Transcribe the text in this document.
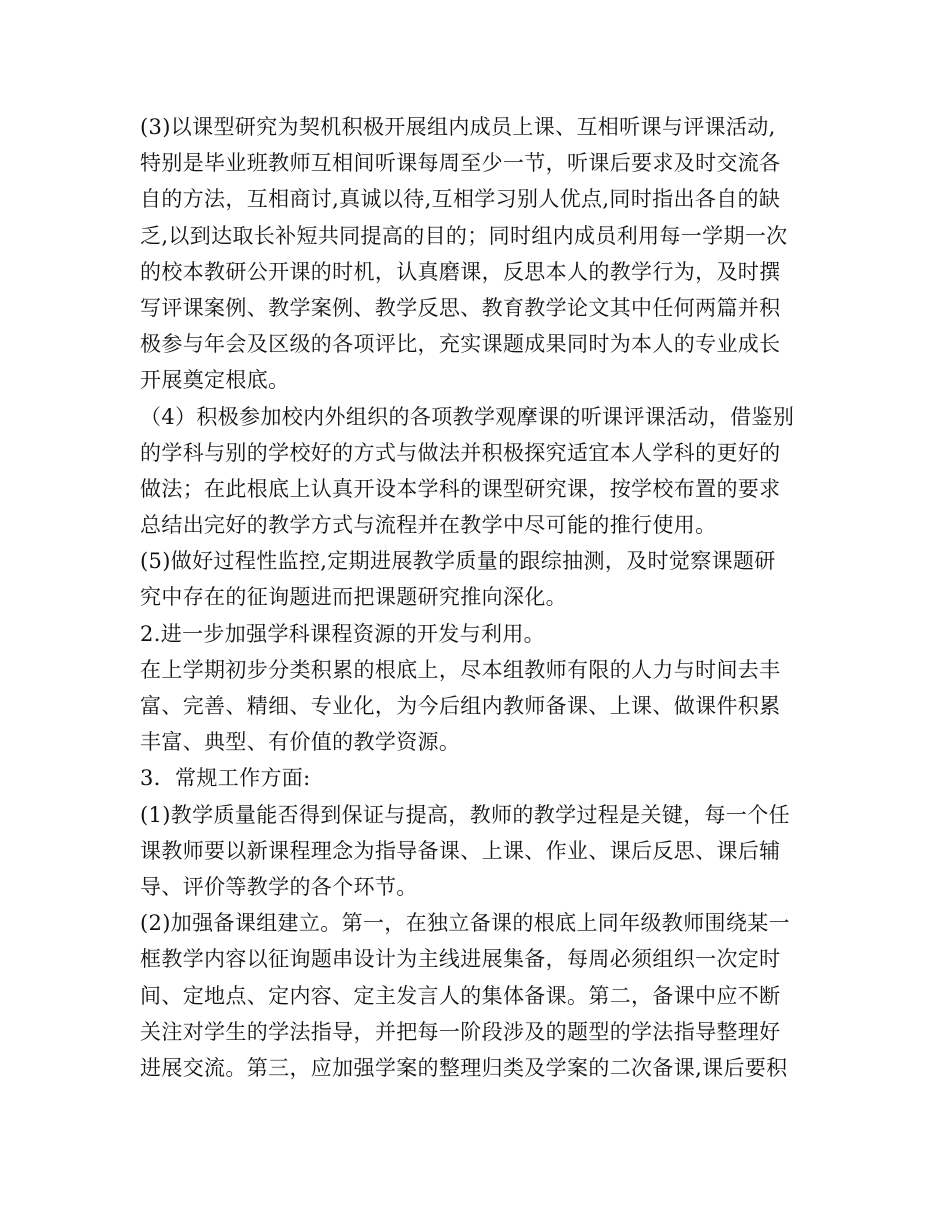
(3)以课型研究为契机积极开展组内成员上课、互相听课与评课活动,
特别是毕业班教师互相间听课每周至少一节，听课后要求及时交流各
自的方法，互相商讨,真诚以待,互相学习别人优点,同时指出各自的缺
乏,以到达取长补短共同提高的目的；同时组内成员利用每一学期一次
的校本教研公开课的时机，认真磨课，反思本人的教学行为，及时撰
写评课案例、教学案例、教学反思、教育教学论文其中任何两篇并积
极参与年会及区级的各项评比，充实课题成果同时为本人的专业成长
开展奠定根底。
（4）积极参加校内外组织的各项教学观摩课的听课评课活动，借鉴别
的学科与别的学校好的方式与做法并积极探究适宜本人学科的更好的
做法；在此根底上认真开设本学科的课型研究课，按学校布置的要求
总结出完好的教学方式与流程并在教学中尽可能的推行使用。
(5)做好过程性监控,定期进展教学质量的跟综抽测，及时觉察课题研
究中存在的征询题进而把课题研究推向深化。
2.进一步加强学科课程资源的开发与利用。
在上学期初步分类积累的根底上，尽本组教师有限的人力与时间去丰
富、完善、精细、专业化，为今后组内教师备课、上课、做课件积累
丰富、典型、有价值的教学资源。
3．常规工作方面:
(1)教学质量能否得到保证与提高，教师的教学过程是关键，每一个任
课教师要以新课程理念为指导备课、上课、作业、课后反思、课后辅
导、评价等教学的各个环节。
(2)加强备课组建立。第一，在独立备课的根底上同年级教师围绕某一
框教学内容以征询题串设计为主线进展集备，每周必须组织一次定时
间、定地点、定内容、定主发言人的集体备课。第二，备课中应不断
关注对学生的学法指导，并把每一阶段涉及的题型的学法指导整理好
进展交流。第三，应加强学案的整理归类及学案的二次备课,课后要积
